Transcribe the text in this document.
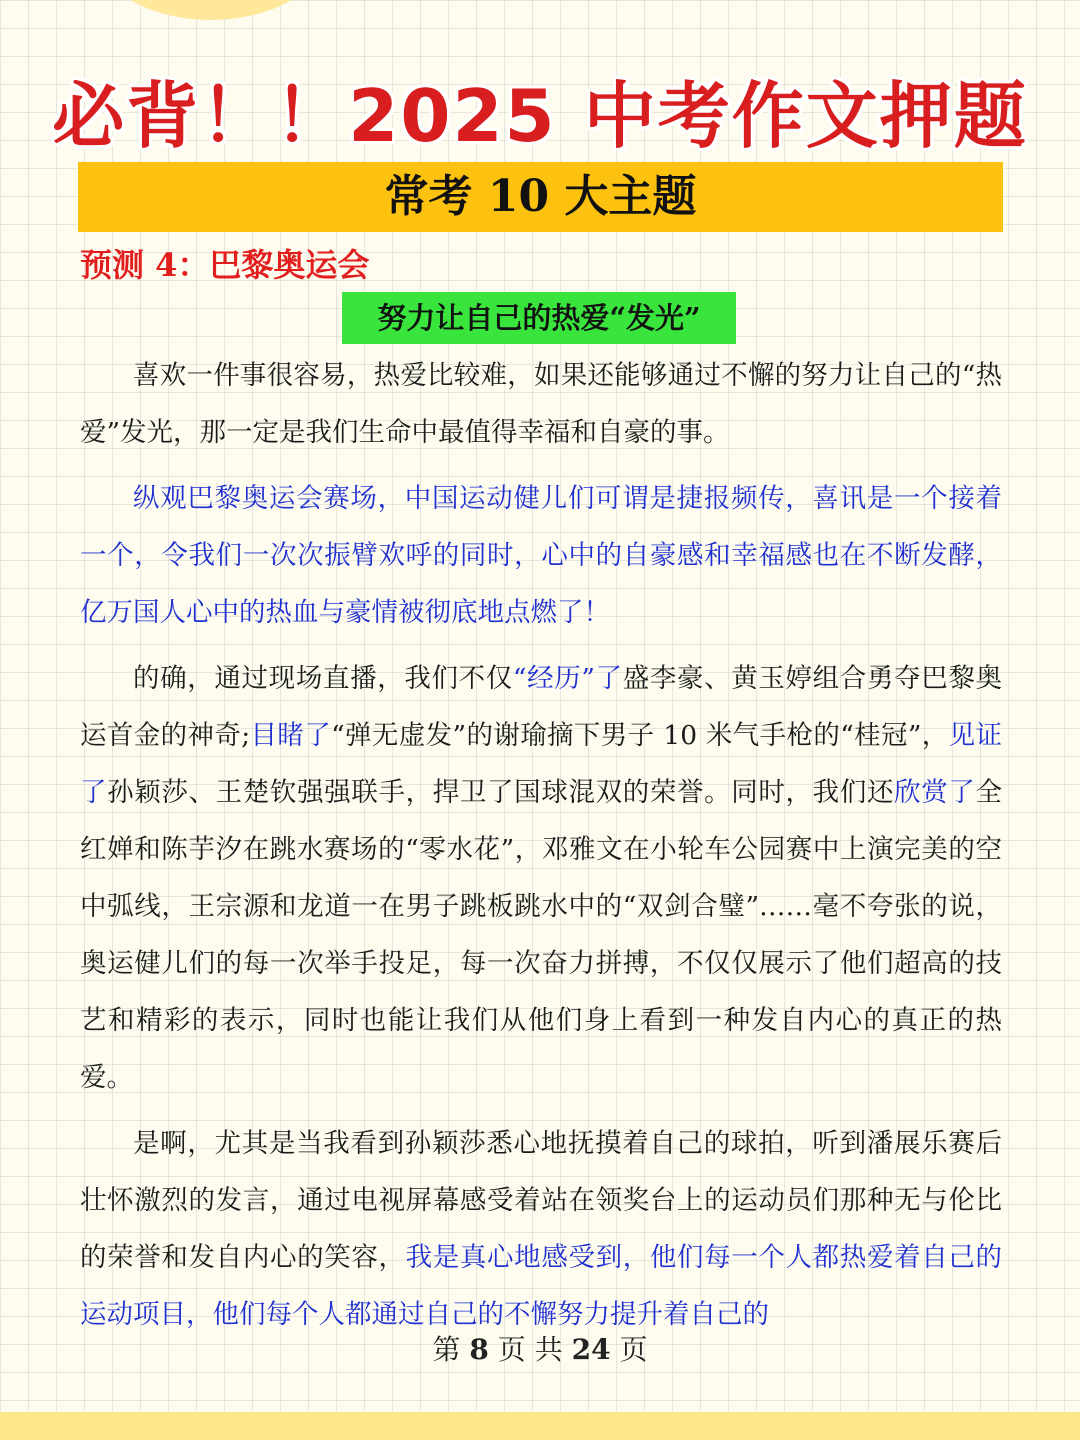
必背！！2025 中考作文押题
常考 10 大主题
预测 4：巴黎奥运会
努力让自己的热爱“发光”

喜欢一件事很容易，热爱比较难，如果还能够通过不懈的努力让自己的“热爱”发光，那一定是我们生命中最值得幸福和自豪的事。

纵观巴黎奥运会赛场，中国运动健儿们可谓是捷报频传，喜讯是一个接着一个，令我们一次次振臂欢呼的同时，心中的自豪感和幸福感也在不断发酵，亿万国人心中的热血与豪情被彻底地点燃了！

的确，通过现场直播，我们不仅“经历”了盛李豪、黄玉婷组合勇夺巴黎奥运首金的神奇;目睹了“弹无虚发”的谢瑜摘下男子 10 米气手枪的“桂冠”，见证了孙颖莎、王楚钦强强联手，捍卫了国球混双的荣誉。同时，我们还欣赏了全红婵和陈芋汐在跳水赛场的“零水花”，邓雅文在小轮车公园赛中上演完美的空中弧线，王宗源和龙道一在男子跳板跳水中的“双剑合璧”……毫不夸张的说，奥运健儿们的每一次举手投足，每一次奋力拼搏，不仅仅展示了他们超高的技艺和精彩的表示，同时也能让我们从他们身上看到一种发自内心的真正的热爱。

是啊，尤其是当我看到孙颖莎悉心地抚摸着自己的球拍，听到潘展乐赛后壮怀激烈的发言，通过电视屏幕感受着站在领奖台上的运动员们那种无与伦比的荣誉和发自内心的笑容，我是真心地感受到，他们每一个人都热爱着自己的运动项目，他们每个人都通过自己的不懈努力提升着自己的

第 8 页 共 24 页
